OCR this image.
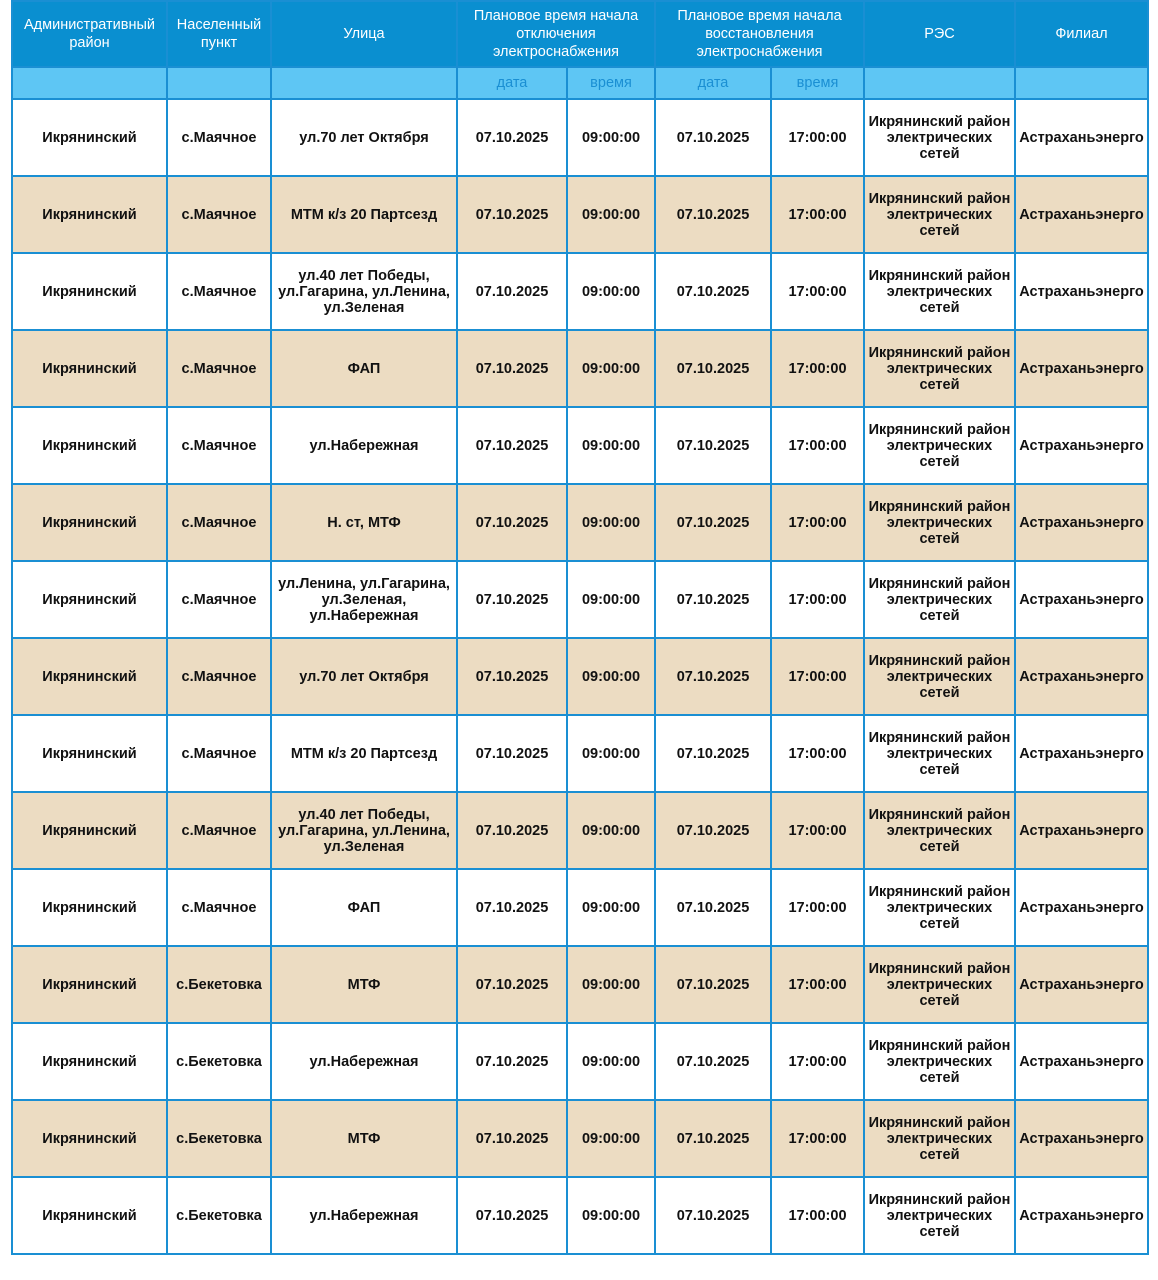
Административный район	Населенный пункт	Улица	Плановое время начала отключения электроснабжения		Плановое время начала восстановления электроснабжения		РЭС	Филиал
			дата	время	дата	время		
Икрянинский	с.Маячное	ул.70 лет Октября	07.10.2025	09:00:00	07.10.2025	17:00:00	Икрянинский район электрических сетей	Астраханьэнерго
Икрянинский	с.Маячное	МТМ к/з 20 Партсезд	07.10.2025	09:00:00	07.10.2025	17:00:00	Икрянинский район электрических сетей	Астраханьэнерго
Икрянинский	с.Маячное	ул.40 лет Победы, ул.Гагарина, ул.Ленина, ул.Зеленая	07.10.2025	09:00:00	07.10.2025	17:00:00	Икрянинский район электрических сетей	Астраханьэнерго
Икрянинский	с.Маячное	ФАП	07.10.2025	09:00:00	07.10.2025	17:00:00	Икрянинский район электрических сетей	Астраханьэнерго
Икрянинский	с.Маячное	ул.Набережная	07.10.2025	09:00:00	07.10.2025	17:00:00	Икрянинский район электрических сетей	Астраханьэнерго
Икрянинский	с.Маячное	Н. ст, МТФ	07.10.2025	09:00:00	07.10.2025	17:00:00	Икрянинский район электрических сетей	Астраханьэнерго
Икрянинский	с.Маячное	ул.Ленина, ул.Гагарина, ул.Зеленая, ул.Набережная	07.10.2025	09:00:00	07.10.2025	17:00:00	Икрянинский район электрических сетей	Астраханьэнерго
Икрянинский	с.Маячное	ул.70 лет Октября	07.10.2025	09:00:00	07.10.2025	17:00:00	Икрянинский район электрических сетей	Астраханьэнерго
Икрянинский	с.Маячное	МТМ к/з 20 Партсезд	07.10.2025	09:00:00	07.10.2025	17:00:00	Икрянинский район электрических сетей	Астраханьэнерго
Икрянинский	с.Маячное	ул.40 лет Победы, ул.Гагарина, ул.Ленина, ул.Зеленая	07.10.2025	09:00:00	07.10.2025	17:00:00	Икрянинский район электрических сетей	Астраханьэнерго
Икрянинский	с.Маячное	ФАП	07.10.2025	09:00:00	07.10.2025	17:00:00	Икрянинский район электрических сетей	Астраханьэнерго
Икрянинский	с.Бекетовка	МТФ	07.10.2025	09:00:00	07.10.2025	17:00:00	Икрянинский район электрических сетей	Астраханьэнерго
Икрянинский	с.Бекетовка	ул.Набережная	07.10.2025	09:00:00	07.10.2025	17:00:00	Икрянинский район электрических сетей	Астраханьэнерго
Икрянинский	с.Бекетовка	МТФ	07.10.2025	09:00:00	07.10.2025	17:00:00	Икрянинский район электрических сетей	Астраханьэнерго
Икрянинский	с.Бекетовка	ул.Набережная	07.10.2025	09:00:00	07.10.2025	17:00:00	Икрянинский район электрических сетей	Астраханьэнерго
